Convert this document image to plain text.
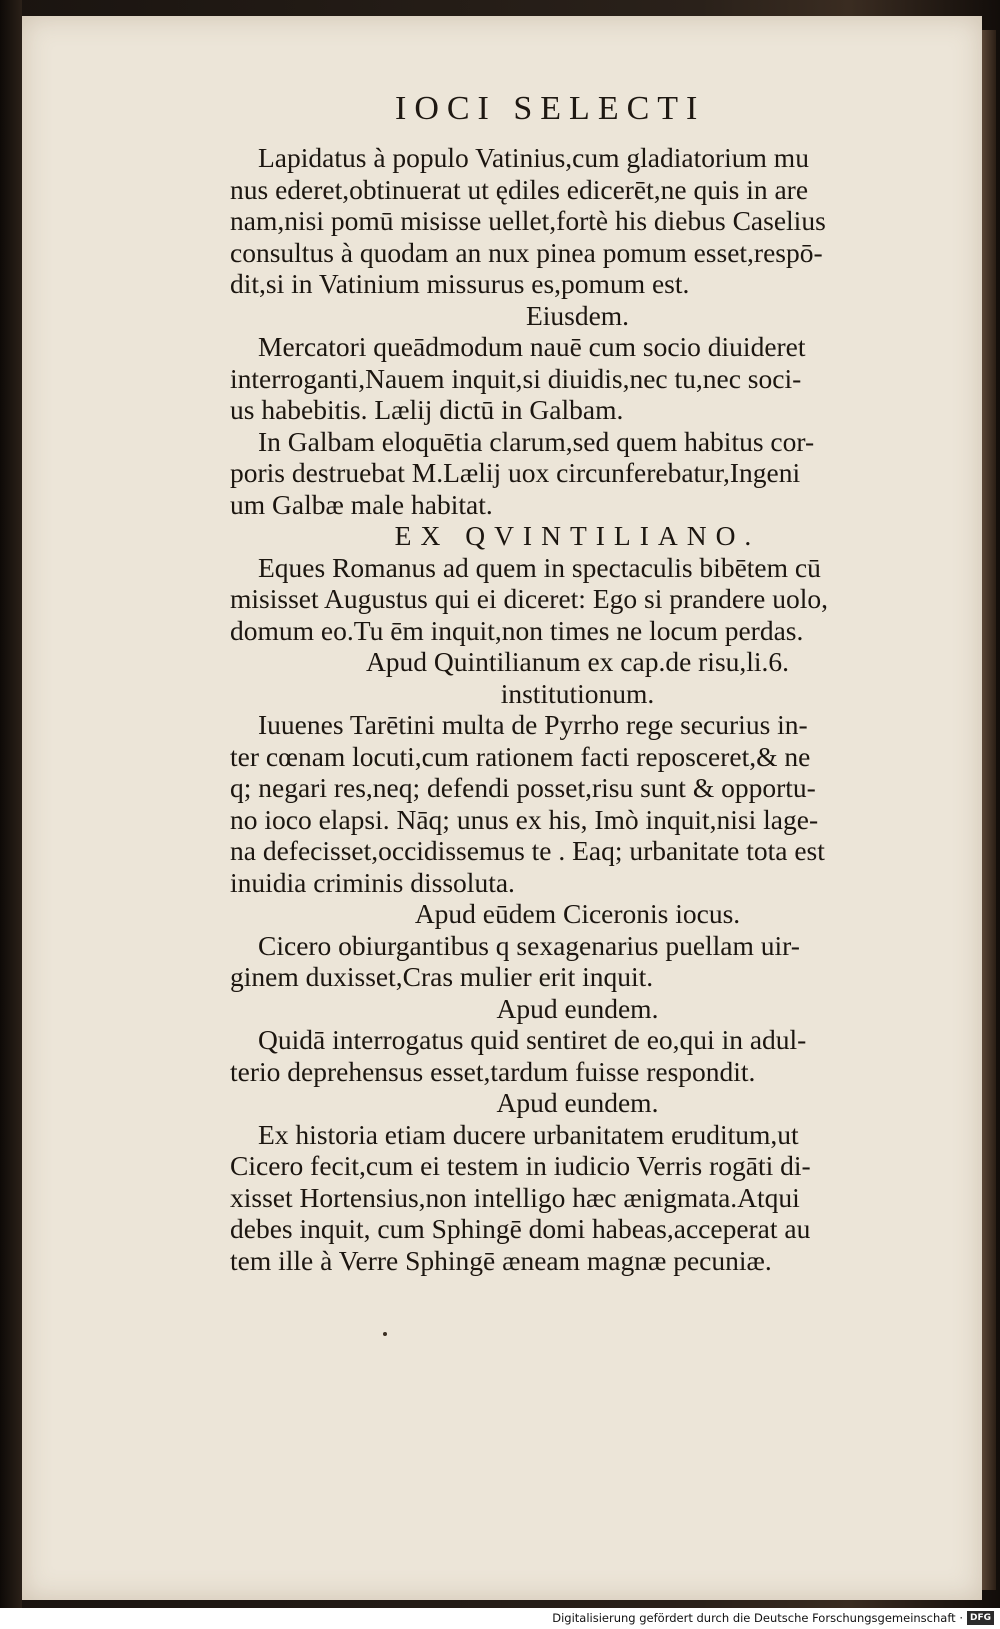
IOCI SELECTI
Lapidatus à populo Vatinius,cum gladiatorium mu
nus ederet,obtinuerat ut ędiles edicerēt,ne quis in are
nam,nisi pomū misisse uellet,fortè his diebus Caselius
consultus à quodam an nux pinea pomum esset,respō-
dit,si in Vatinium missurus es,pomum est.
Eiusdem.
Mercatori queādmodum nauē cum socio diuideret
interroganti,Nauem inquit,si diuidis,nec tu,nec soci-
us habebitis. Lælij dictū in Galbam.
In Galbam eloquētia clarum,sed quem habitus cor-
poris destruebat M.Lælij uox circunferebatur,Ingeni
um Galbæ male habitat.
EX QVINTILIANO.
Eques Romanus ad quem in spectaculis bibētem cū
misisset Augustus qui ei diceret: Ego si prandere uolo,
domum eo.Tu ēm inquit,non times ne locum perdas.
Apud Quintilianum ex cap.de risu,li.6.
institutionum.
Iuuenes Tarētini multa de Pyrrho rege securius in-
ter cœnam locuti,cum rationem facti reposceret,& ne
q; negari res,neq; defendi posset,risu sunt & opportu-
no ioco elapsi. Nāq; unus ex his, Imò inquit,nisi lage-
na defecisset,occidissemus te . Eaq; urbanitate tota est
inuidia criminis dissoluta.
Apud eūdem Ciceronis iocus.
Cicero obiurgantibus q sexagenarius puellam uir-
ginem duxisset,Cras mulier erit inquit.
Apud eundem.
Quidā interrogatus quid sentiret de eo,qui in adul-
terio deprehensus esset,tardum fuisse respondit.
Apud eundem.
Ex historia etiam ducere urbanitatem eruditum,ut
Cicero fecit,cum ei testem in iudicio Verris rogāti di-
xisset Hortensius,non intelligo hæc ænigmata.Atqui
debes inquit, cum Sphingē domi habeas,acceperat au
tem ille à Verre Sphingē æneam magnæ pecuniæ.
Digitalisierung gefördert durch die Deutsche Forschungsgemeinschaft · DFG
